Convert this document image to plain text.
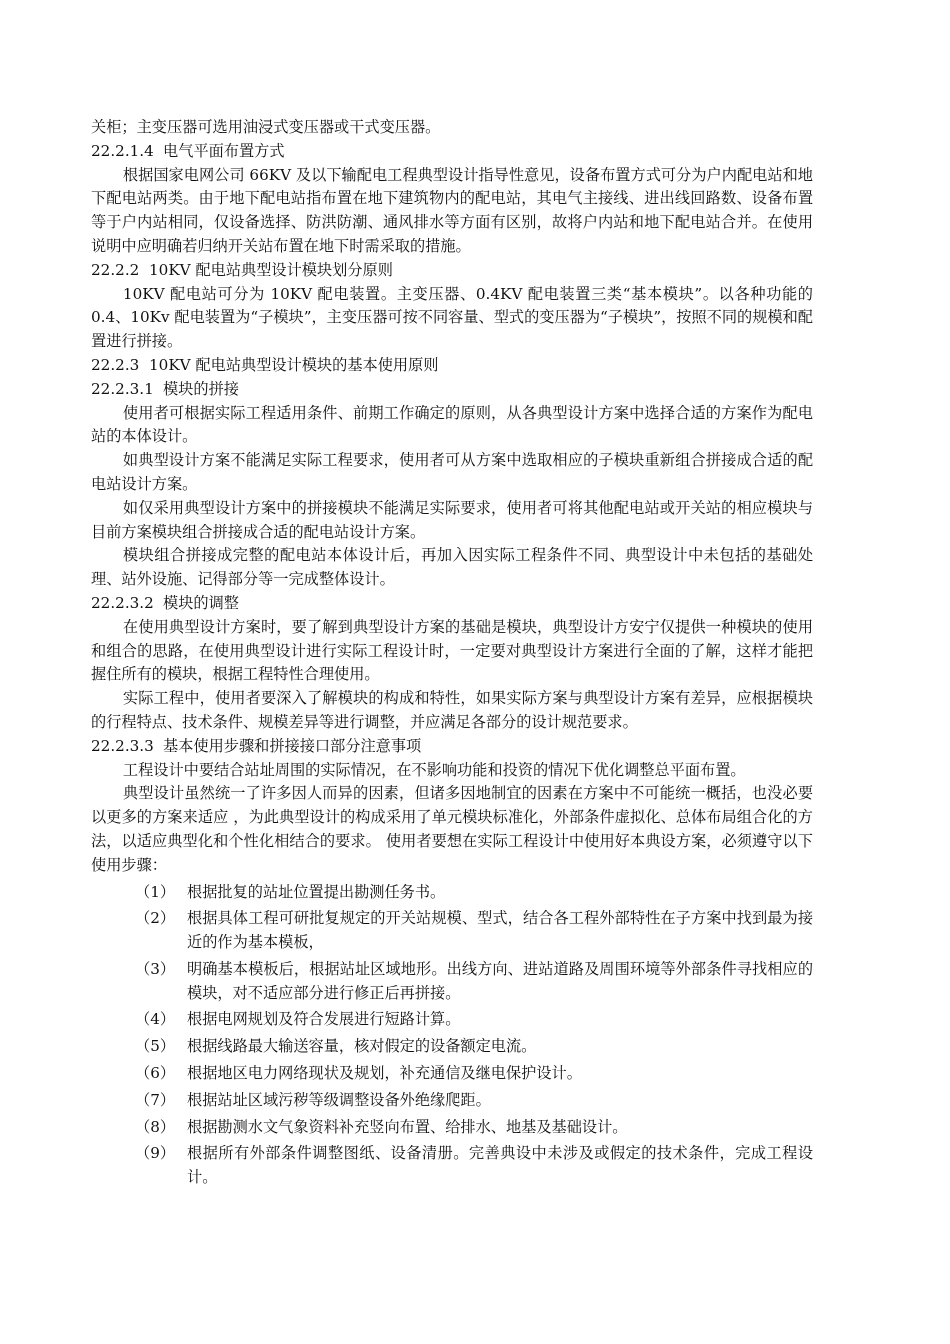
关柜；主变压器可选用油浸式变压器或干式变压器。

22.2.1.4 电气平面布置方式

根据国家电网公司 66KV 及以下输配电工程典型设计指导性意见，设备布置方式可分为户内配电站和地下配电站两类。由于地下配电站指布置在地下建筑物内的配电站，其电气主接线、进出线回路数、设备布置等于户内站相同，仅设备选择、防洪防潮、通风排水等方面有区别，故将户内站和地下配电站合并。在使用说明中应明确若归纳开关站布置在地下时需采取的措施。

22.2.2 10KV 配电站典型设计模块划分原则

10KV 配电站可分为 10KV 配电装置。主变压器、0.4KV 配电装置三类“基本模块”。以各种功能的 0.4、10Kv 配电装置为“子模块”，主变压器可按不同容量、型式的变压器为“子模块”，按照不同的规模和配置进行拼接。

22.2.3 10KV 配电站典型设计模块的基本使用原则

22.2.3.1 模块的拼接

使用者可根据实际工程适用条件、前期工作确定的原则，从各典型设计方案中选择合适的方案作为配电站的本体设计。

如典型设计方案不能满足实际工程要求，使用者可从方案中选取相应的子模块重新组合拼接成合适的配电站设计方案。

如仅采用典型设计方案中的拼接模块不能满足实际要求，使用者可将其他配电站或开关站的相应模块与目前方案模块组合拼接成合适的配电站设计方案。

模块组合拼接成完整的配电站本体设计后，再加入因实际工程条件不同、典型设计中未包括的基础处理、站外设施、记得部分等一完成整体设计。

22.2.3.2 模块的调整

在使用典型设计方案时，要了解到典型设计方案的基础是模块，典型设计方安宁仅提供一种模块的使用和组合的思路，在使用典型设计进行实际工程设计时，一定要对典型设计方案进行全面的了解，这样才能把握住所有的模块，根据工程特性合理使用。

实际工程中，使用者要深入了解模块的构成和特性，如果实际方案与典型设计方案有差异，应根据模块的行程特点、技术条件、规模差异等进行调整，并应满足各部分的设计规范要求。

22.2.3.3 基本使用步骤和拼接接口部分注意事项

工程设计中要结合站址周围的实际情况，在不影响功能和投资的情况下优化调整总平面布置。

典型设计虽然统一了许多因人而异的因素，但诸多因地制宜的因素在方案中不可能统一概括，也没必要以更多的方案来适应 ，为此典型设计的构成采用了单元模块标准化，外部条件虚拟化、总体布局组合化的方法，以适应典型化和个性化相结合的要求。 使用者要想在实际工程设计中使用好本典设方案，必须遵守以下使用步骤：

（1） 根据批复的站址位置提出勘测任务书。
（2） 根据具体工程可研批复规定的开关站规模、型式，结合各工程外部特性在子方案中找到最为接近的作为基本模板，
（3） 明确基本模板后，根据站址区域地形。出线方向、进站道路及周围环境等外部条件寻找相应的模块，对不适应部分进行修正后再拼接。
（4） 根据电网规划及符合发展进行短路计算。
（5） 根据线路最大输送容量，核对假定的设备额定电流。
（6） 根据地区电力网络现状及规划，补充通信及继电保护设计。
（7） 根据站址区域污秽等级调整设备外绝缘爬距。
（8） 根据勘测水文气象资料补充竖向布置、给排水、地基及基础设计。
（9） 根据所有外部条件调整图纸、设备清册。完善典设中未涉及或假定的技术条件，完成工程设计。
